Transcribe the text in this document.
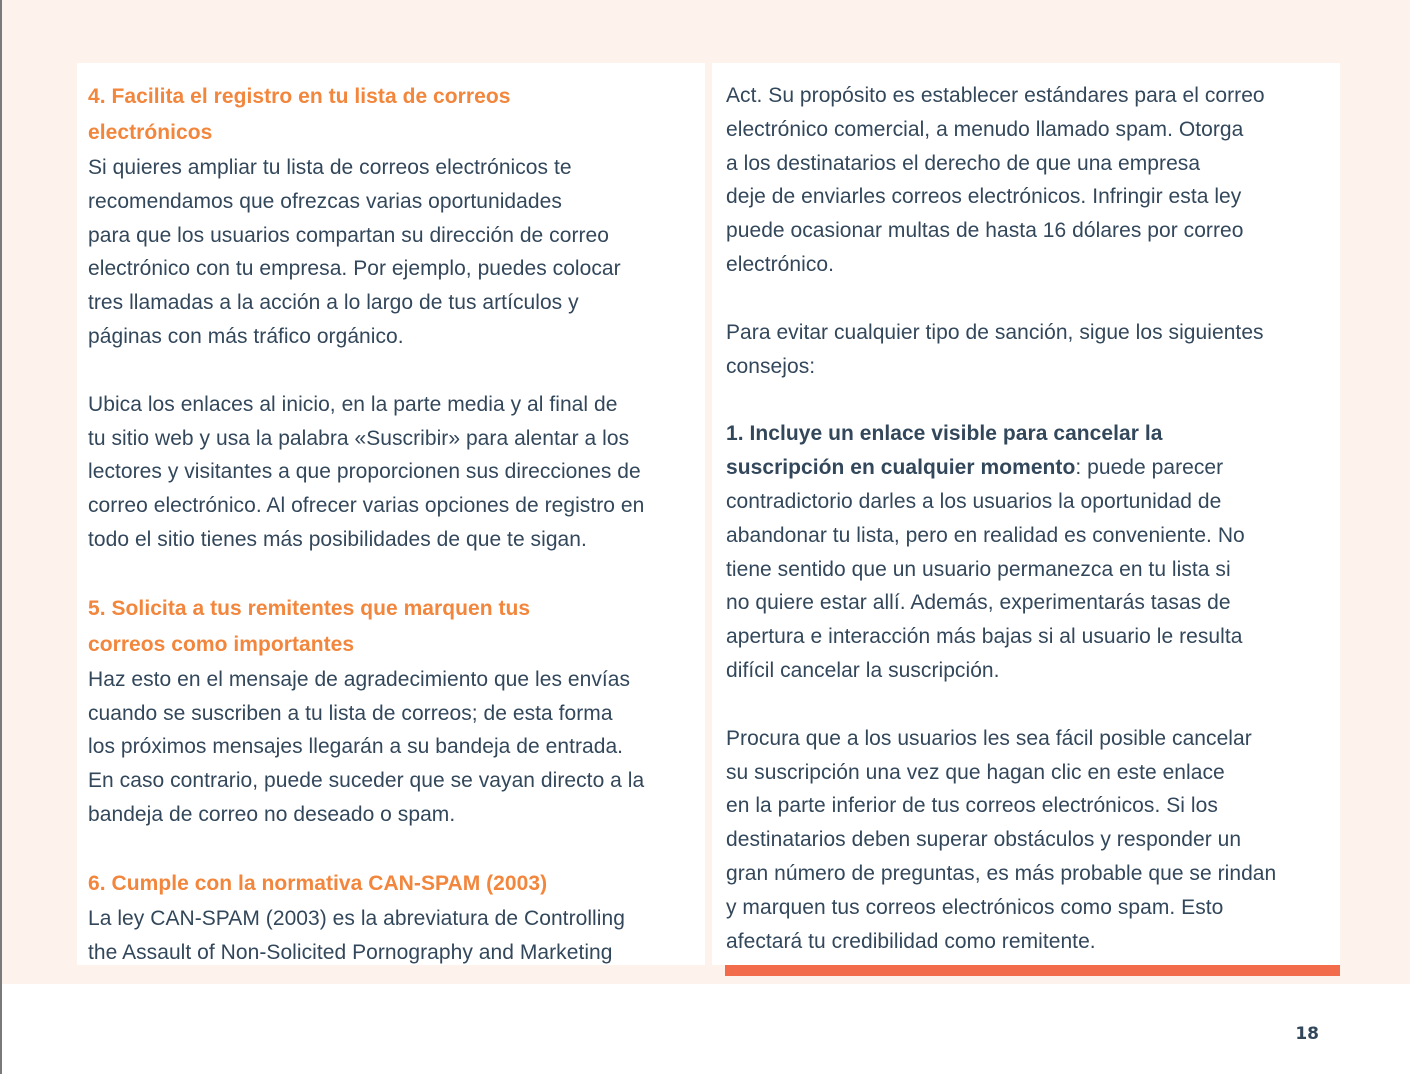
4. Facilita el registro en tu lista de correos
electrónicos

Si quieres ampliar tu lista de correos electrónicos te
recomendamos que ofrezcas varias oportunidades
para que los usuarios compartan su dirección de correo
electrónico con tu empresa. Por ejemplo, puedes colocar
tres llamadas a la acción a lo largo de tus artículos y
páginas con más tráfico orgánico.

Ubica los enlaces al inicio, en la parte media y al final de
tu sitio web y usa la palabra «Suscribir» para alentar a los
lectores y visitantes a que proporcionen sus direcciones de
correo electrónico. Al ofrecer varias opciones de registro en
todo el sitio tienes más posibilidades de que te sigan.

5. Solicita a tus remitentes que marquen tus
correos como importantes

Haz esto en el mensaje de agradecimiento que les envías
cuando se suscriben a tu lista de correos; de esta forma
los próximos mensajes llegarán a su bandeja de entrada.
En caso contrario, puede suceder que se vayan directo a la
bandeja de correo no deseado o spam.

6. Cumple con la normativa CAN-SPAM (2003)

La ley CAN-SPAM (2003) es la abreviatura de Controlling
the Assault of Non-Solicited Pornography and Marketing

Act. Su propósito es establecer estándares para el correo
electrónico comercial, a menudo llamado spam. Otorga
a los destinatarios el derecho de que una empresa
deje de enviarles correos electrónicos. Infringir esta ley
puede ocasionar multas de hasta 16 dólares por correo
electrónico.

Para evitar cualquier tipo de sanción, sigue los siguientes
consejos:

1. Incluye un enlace visible para cancelar la
suscripción en cualquier momento: puede parecer
contradictorio darles a los usuarios la oportunidad de
abandonar tu lista, pero en realidad es conveniente. No
tiene sentido que un usuario permanezca en tu lista si
no quiere estar allí. Además, experimentarás tasas de
apertura e interacción más bajas si al usuario le resulta
difícil cancelar la suscripción.

Procura que a los usuarios les sea fácil posible cancelar
su suscripción una vez que hagan clic en este enlace
en la parte inferior de tus correos electrónicos. Si los
destinatarios deben superar obstáculos y responder un
gran número de preguntas, es más probable que se rindan
y marquen tus correos electrónicos como spam. Esto
afectará tu credibilidad como remitente.

18
